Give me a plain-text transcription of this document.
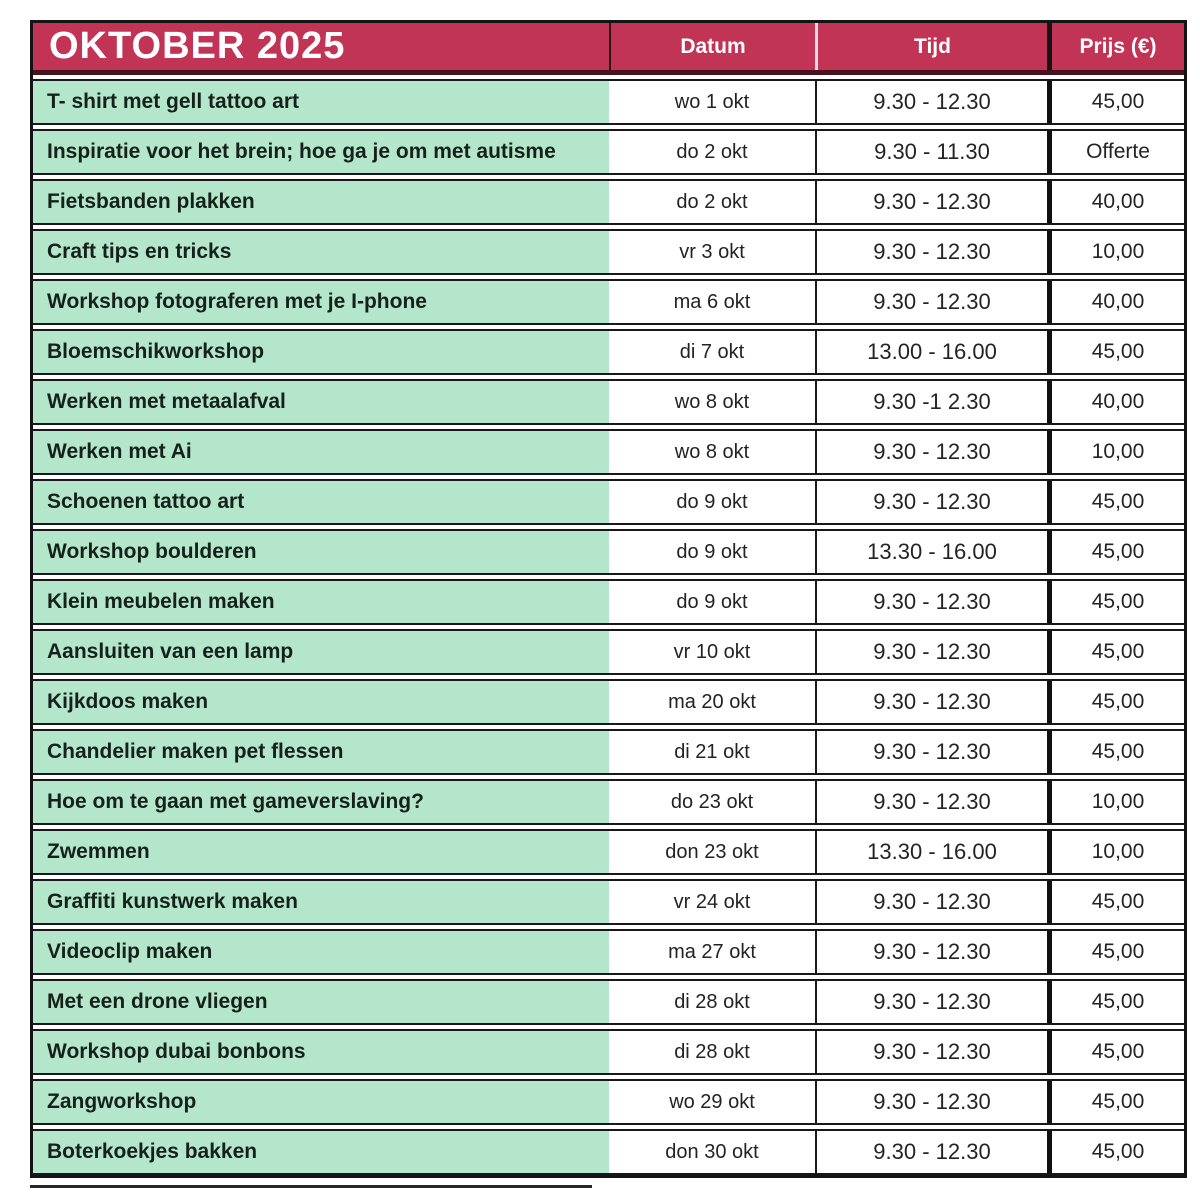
OKTOBER 2025	Datum	Tijd	Prijs (€)
T- shirt met gell tattoo art	wo 1 okt	9.30 - 12.30	45,00
Inspiratie voor het brein; hoe ga je om met autisme	do 2 okt	9.30 - 11.30	Offerte
Fietsbanden plakken	do 2 okt	9.30 - 12.30	40,00
Craft tips en tricks	vr 3 okt	9.30 - 12.30	10,00
Workshop fotograferen met je I-phone	ma 6 okt	9.30 - 12.30	40,00
Bloemschikworkshop	di 7 okt	13.00 - 16.00	45,00
Werken met metaalafval	wo 8 okt	9.30 -1 2.30	40,00
Werken met Ai	wo 8 okt	9.30 - 12.30	10,00
Schoenen tattoo art	do 9 okt	9.30 - 12.30	45,00
Workshop boulderen	do 9 okt	13.30 - 16.00	45,00
Klein meubelen maken	do 9 okt	9.30 - 12.30	45,00
Aansluiten van een lamp	vr 10 okt	9.30 - 12.30	45,00
Kijkdoos maken	ma 20 okt	9.30 - 12.30	45,00
Chandelier maken pet flessen	di 21 okt	9.30 - 12.30	45,00
Hoe om te gaan met gameverslaving?	do 23 okt	9.30 - 12.30	10,00
Zwemmen	don 23 okt	13.30 - 16.00	10,00
Graffiti kunstwerk maken	vr 24 okt	9.30 - 12.30	45,00
Videoclip maken	ma 27 okt	9.30 - 12.30	45,00
Met een drone vliegen	di 28 okt	9.30 - 12.30	45,00
Workshop dubai bonbons	di 28 okt	9.30 - 12.30	45,00
Zangworkshop	wo 29 okt	9.30 - 12.30	45,00
Boterkoekjes bakken	don 30 okt	9.30 - 12.30	45,00
